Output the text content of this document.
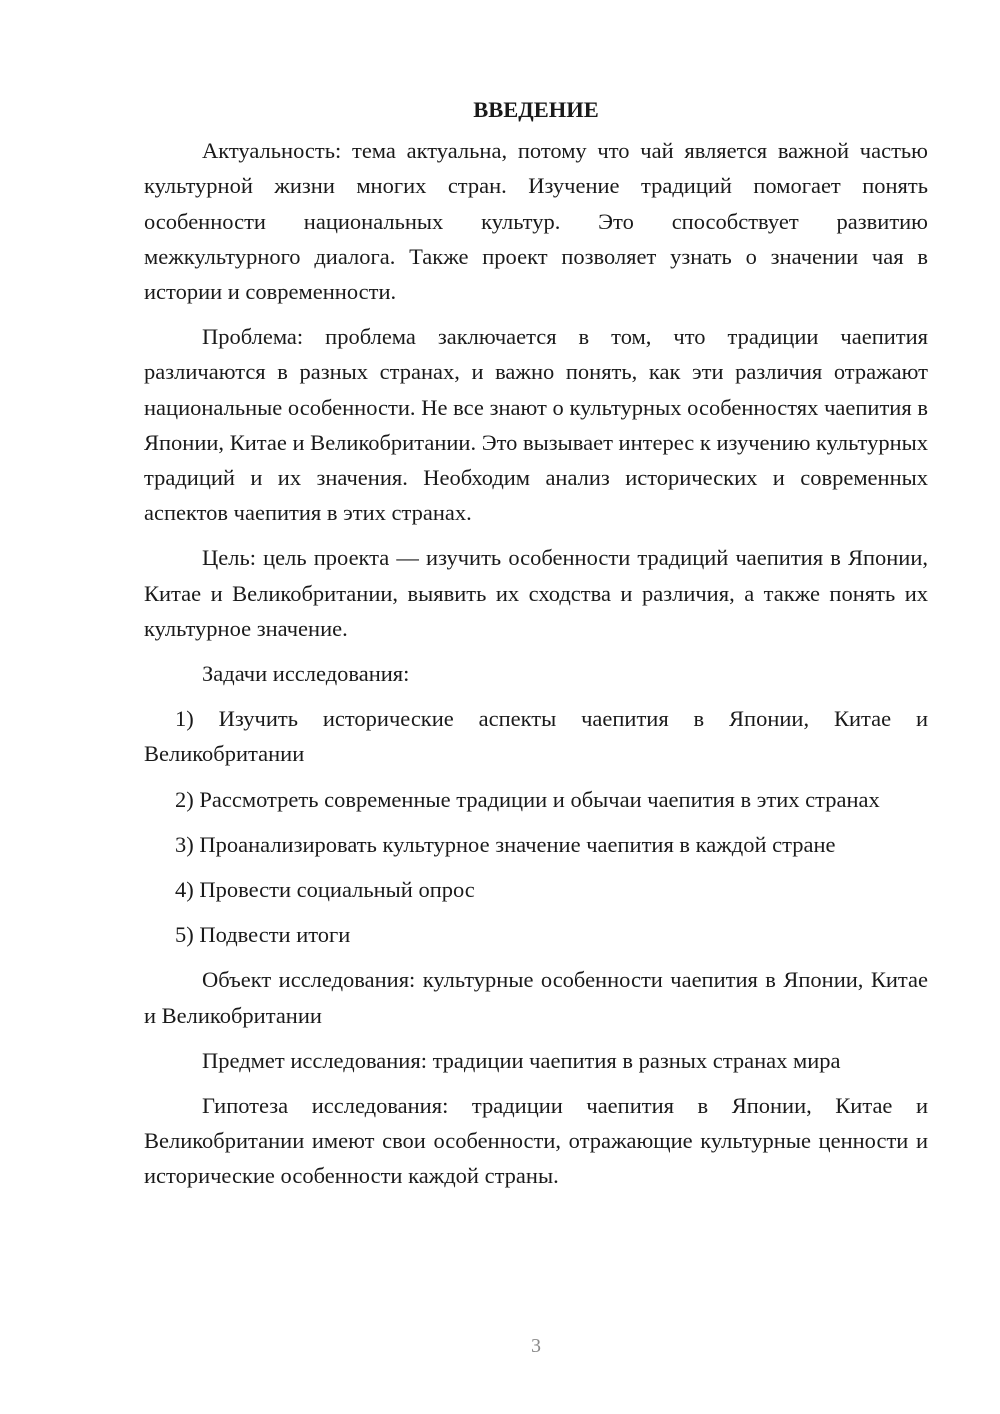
ВВЕДЕНИЕ

Актуальность: тема актуальна, потому что чай является важной частью культурной жизни многих стран. Изучение традиций помогает понять особенности национальных культур. Это способствует развитию межкультурного диалога. Также проект позволяет узнать о значении чая в истории и современности.

Проблема: проблема заключается в том, что традиции чаепития различаются в разных странах, и важно понять, как эти различия отражают национальные особенности. Не все знают о культурных особенностях чаепития в Японии, Китае и Великобритании. Это вызывает интерес к изучению культурных традиций и их значения. Необходим анализ исторических и современных аспектов чаепития в этих странах.

Цель: цель проекта — изучить особенности традиций чаепития в Японии, Китае и Великобритании, выявить их сходства и различия, а также понять их культурное значение.

Задачи исследования:

1) Изучить исторические аспекты чаепития в Японии, Китае и Великобритании

2) Рассмотреть современные традиции и обычаи чаепития в этих странах

3) Проанализировать культурное значение чаепития в каждой стране

4) Провести социальный опрос

5) Подвести итоги

Объект исследования: культурные особенности чаепития в Японии, Китае и Великобритании

Предмет исследования: традиции чаепития в разных странах мира

Гипотеза исследования: традиции чаепития в Японии, Китае и Великобритании имеют свои особенности, отражающие культурные ценности и исторические особенности каждой страны.

3
